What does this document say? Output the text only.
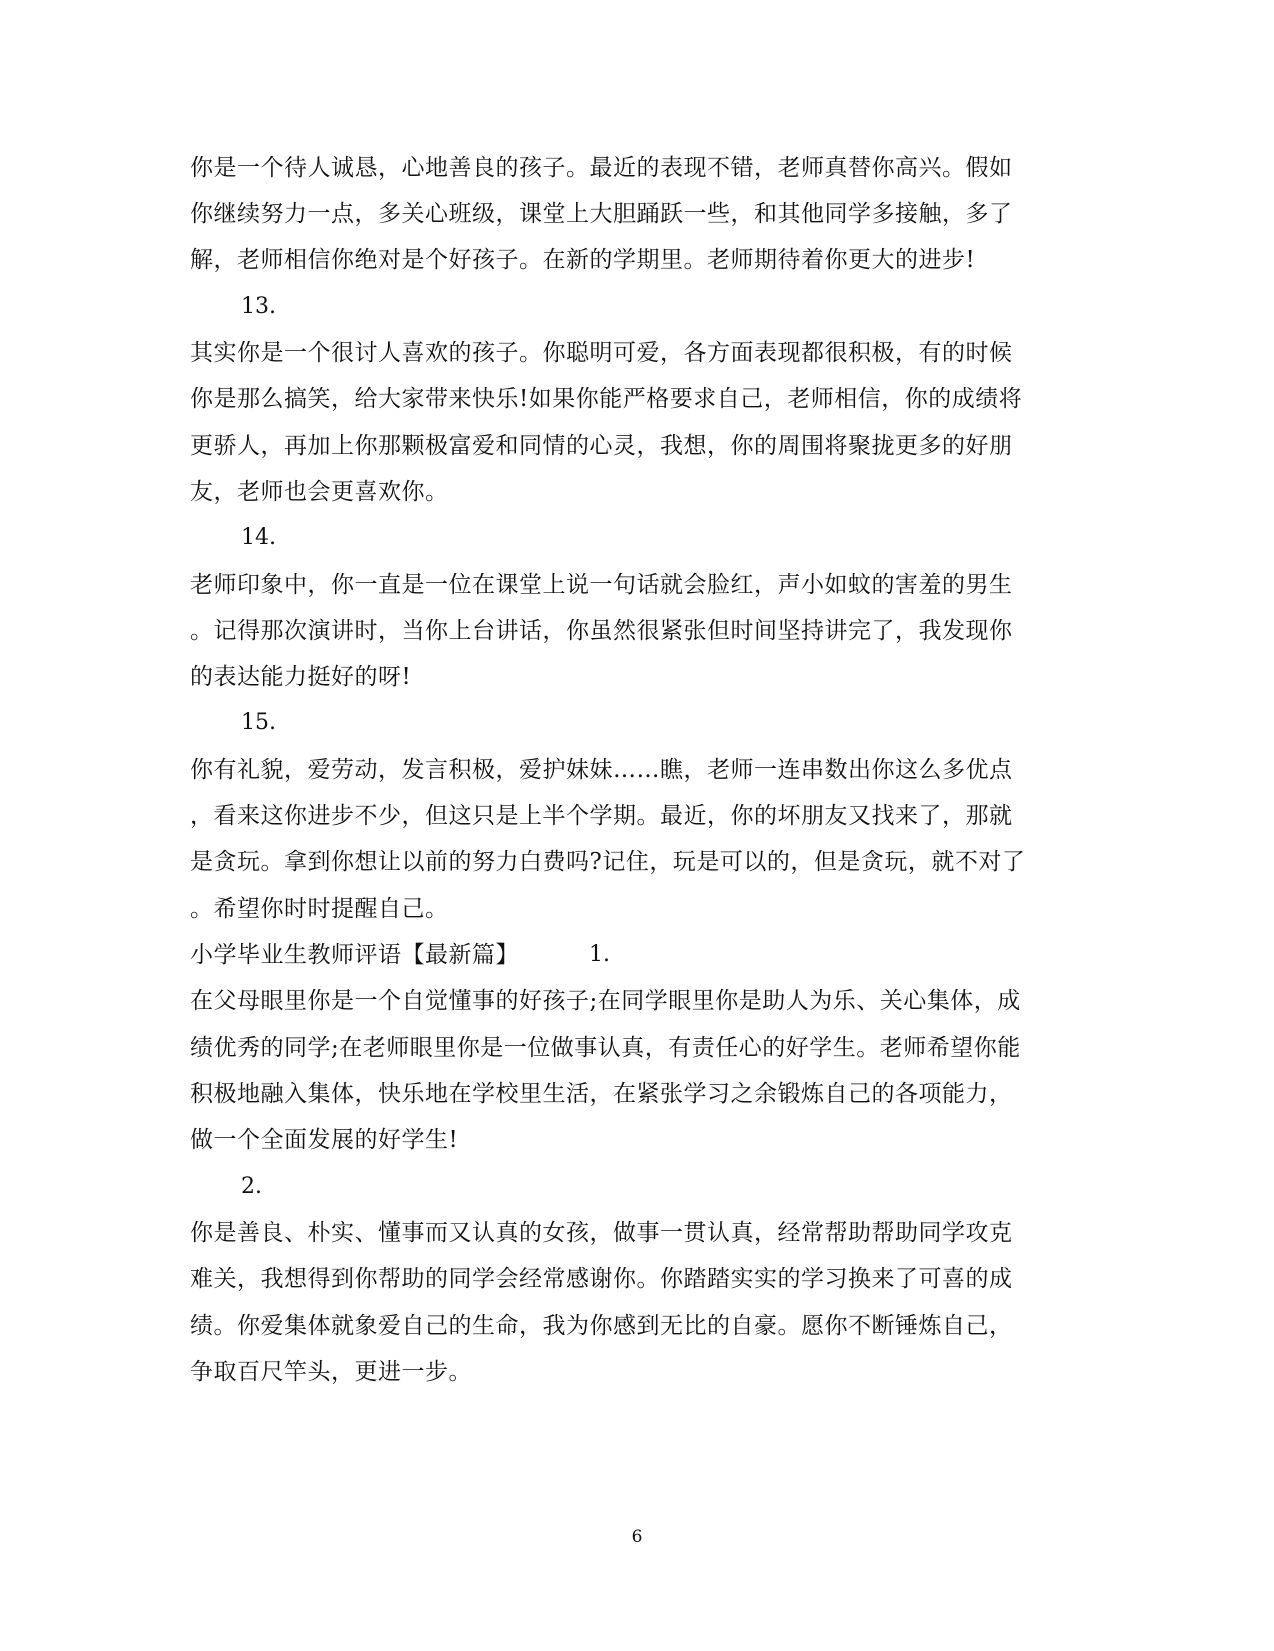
你是一个待人诚恳，心地善良的孩子。最近的表现不错，老师真替你高兴。假如
你继续努力一点，多关心班级，课堂上大胆踊跃一些，和其他同学多接触，多了
解，老师相信你绝对是个好孩子。在新的学期里。老师期待着你更大的进步!
13.
其实你是一个很讨人喜欢的孩子。你聪明可爱，各方面表现都很积极，有的时候
你是那么搞笑，给大家带来快乐!如果你能严格要求自己，老师相信，你的成绩将
更骄人，再加上你那颗极富爱和同情的心灵，我想，你的周围将聚拢更多的好朋
友，老师也会更喜欢你。
14.
老师印象中，你一直是一位在课堂上说一句话就会脸红，声小如蚊的害羞的男生
。记得那次演讲时，当你上台讲话，你虽然很紧张但时间坚持讲完了，我发现你
的表达能力挺好的呀!
15.
你有礼貌，爱劳动，发言积极，爱护妹妹……瞧，老师一连串数出你这么多优点
，看来这你进步不少，但这只是上半个学期。最近，你的坏朋友又找来了，那就
是贪玩。拿到你想让以前的努力白费吗?记住，玩是可以的，但是贪玩，就不对了
。希望你时时提醒自己。
小学毕业生教师评语【最新篇】	1.
在父母眼里你是一个自觉懂事的好孩子;在同学眼里你是助人为乐、关心集体，成
绩优秀的同学;在老师眼里你是一位做事认真，有责任心的好学生。老师希望你能
积极地融入集体，快乐地在学校里生活，在紧张学习之余锻炼自己的各项能力，
做一个全面发展的好学生!
2.
你是善良、朴实、懂事而又认真的女孩，做事一贯认真，经常帮助帮助同学攻克
难关，我想得到你帮助的同学会经常感谢你。你踏踏实实的学习换来了可喜的成
绩。你爱集体就象爱自己的生命，我为你感到无比的自豪。愿你不断锤炼自己，
争取百尺竿头，更进一步。
6
